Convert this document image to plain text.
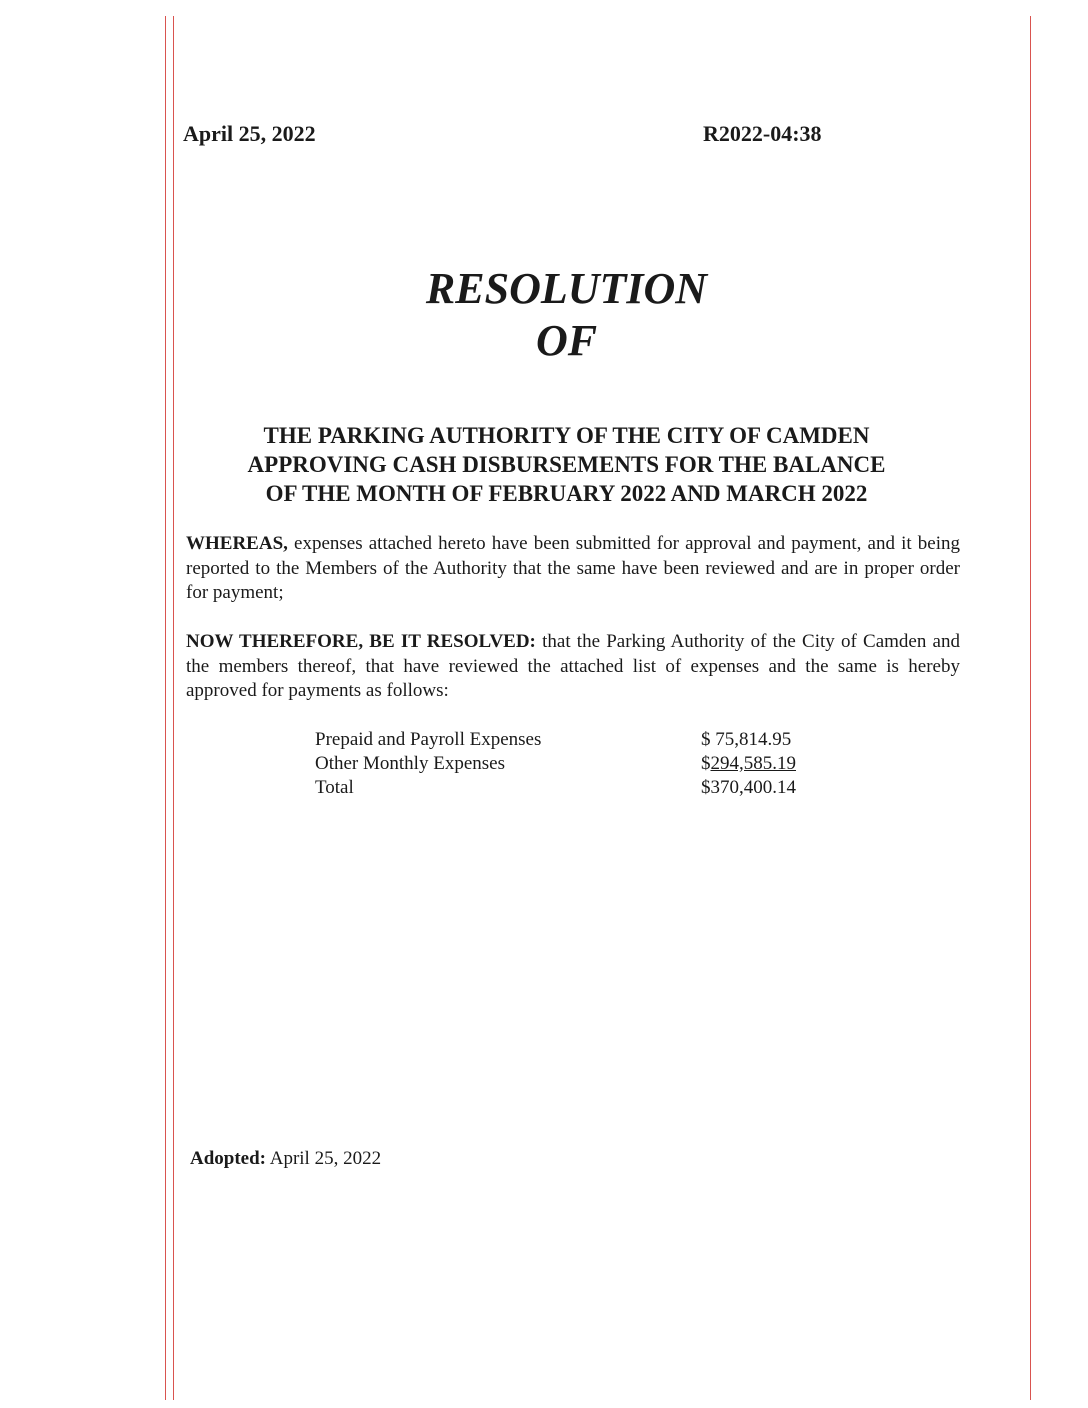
April 25, 2022	R2022-04:38
RESOLUTION
OF
THE PARKING AUTHORITY OF THE CITY OF CAMDEN
APPROVING CASH DISBURSEMENTS FOR THE BALANCE
OF THE MONTH OF FEBRUARY 2022 AND MARCH 2022
WHEREAS, expenses attached hereto have been submitted for approval and payment, and it being reported to the Members of the Authority that the same have been reviewed and are in proper order for payment;
NOW THEREFORE, BE IT RESOLVED: that the Parking Authority of the City of Camden and the members thereof, that have reviewed the attached list of expenses and the same is hereby approved for payments as follows:
Prepaid and Payroll Expenses	$ 75,814.95
Other Monthly Expenses	$294,585.19
Total	$370,400.14
Adopted: April 25, 2022
